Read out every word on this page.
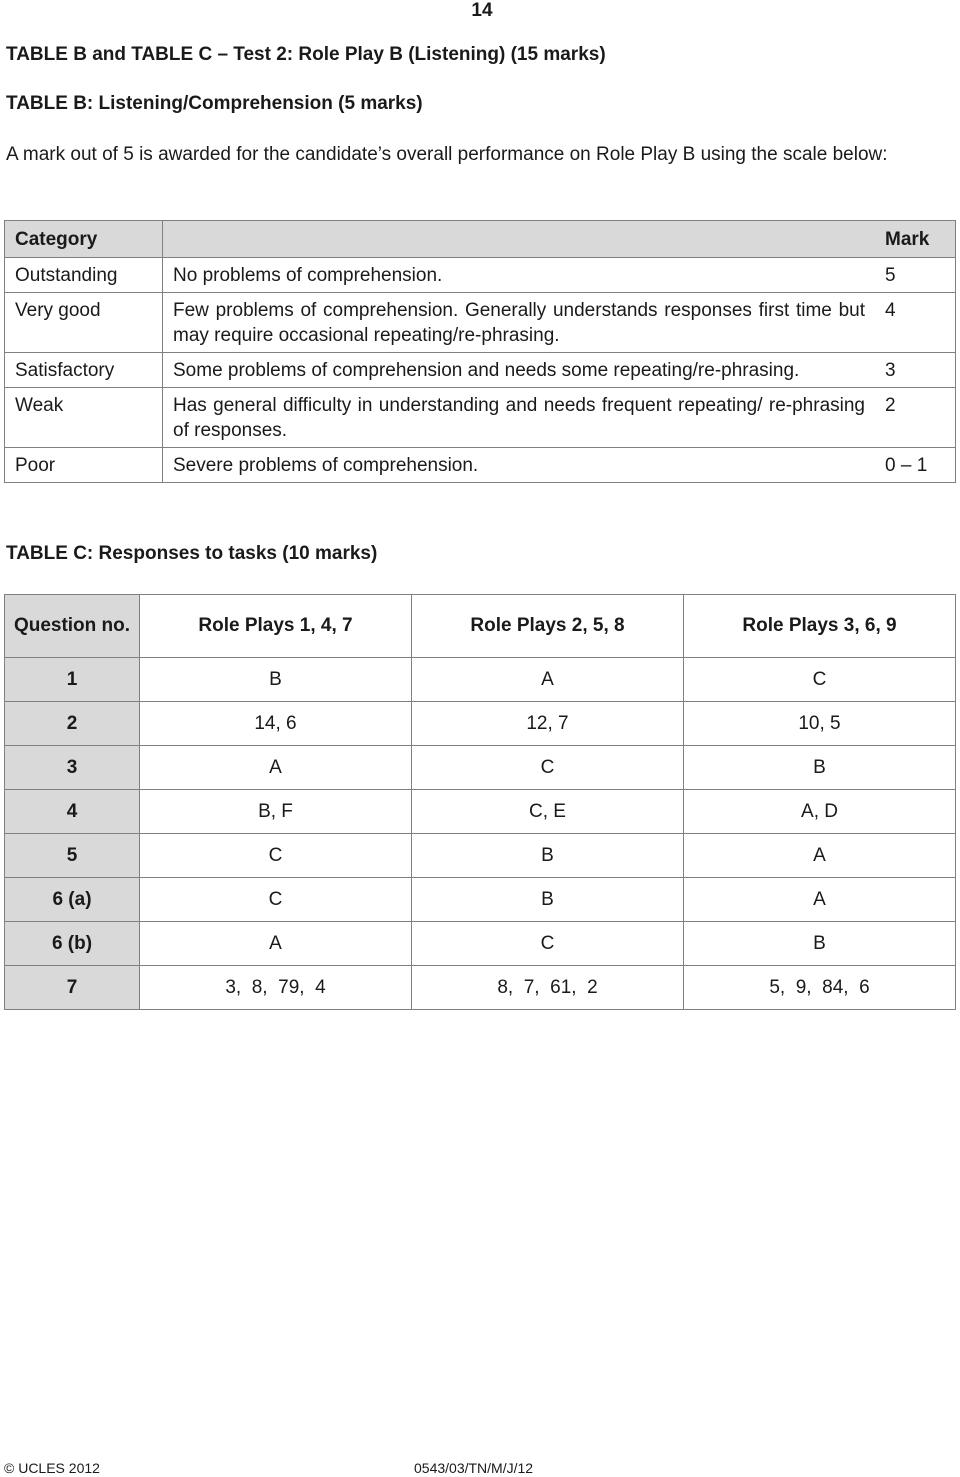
14
TABLE B and TABLE C – Test 2: Role Play B (Listening) (15 marks)
TABLE B: Listening/Comprehension (5 marks)
A mark out of 5 is awarded for the candidate’s overall performance on Role Play B using the scale below:
Category		Mark
Outstanding	No problems of comprehension.	5
Very good	Few problems of comprehension. Generally understands responses first time but may require occasional repeating/re-phrasing.	4
Satisfactory	Some problems of comprehension and needs some repeating/re-phrasing.	3
Weak	Has general difficulty in understanding and needs frequent repeating/ re-phrasing of responses.	2
Poor	Severe problems of comprehension.	0 – 1
TABLE C: Responses to tasks (10 marks)
Question no.	Role Plays 1, 4, 7	Role Plays 2, 5, 8	Role Plays 3, 6, 9
1	B	A	C
2	14, 6	12, 7	10, 5
3	A	C	B
4	B, F	C, E	A, D
5	C	B	A
6 (a)	C	B	A
6 (b)	A	C	B
7	3,  8,  79,  4	8,  7,  61,  2	5,  9,  84,  6
© UCLES 2012	0543/03/TN/M/J/12
